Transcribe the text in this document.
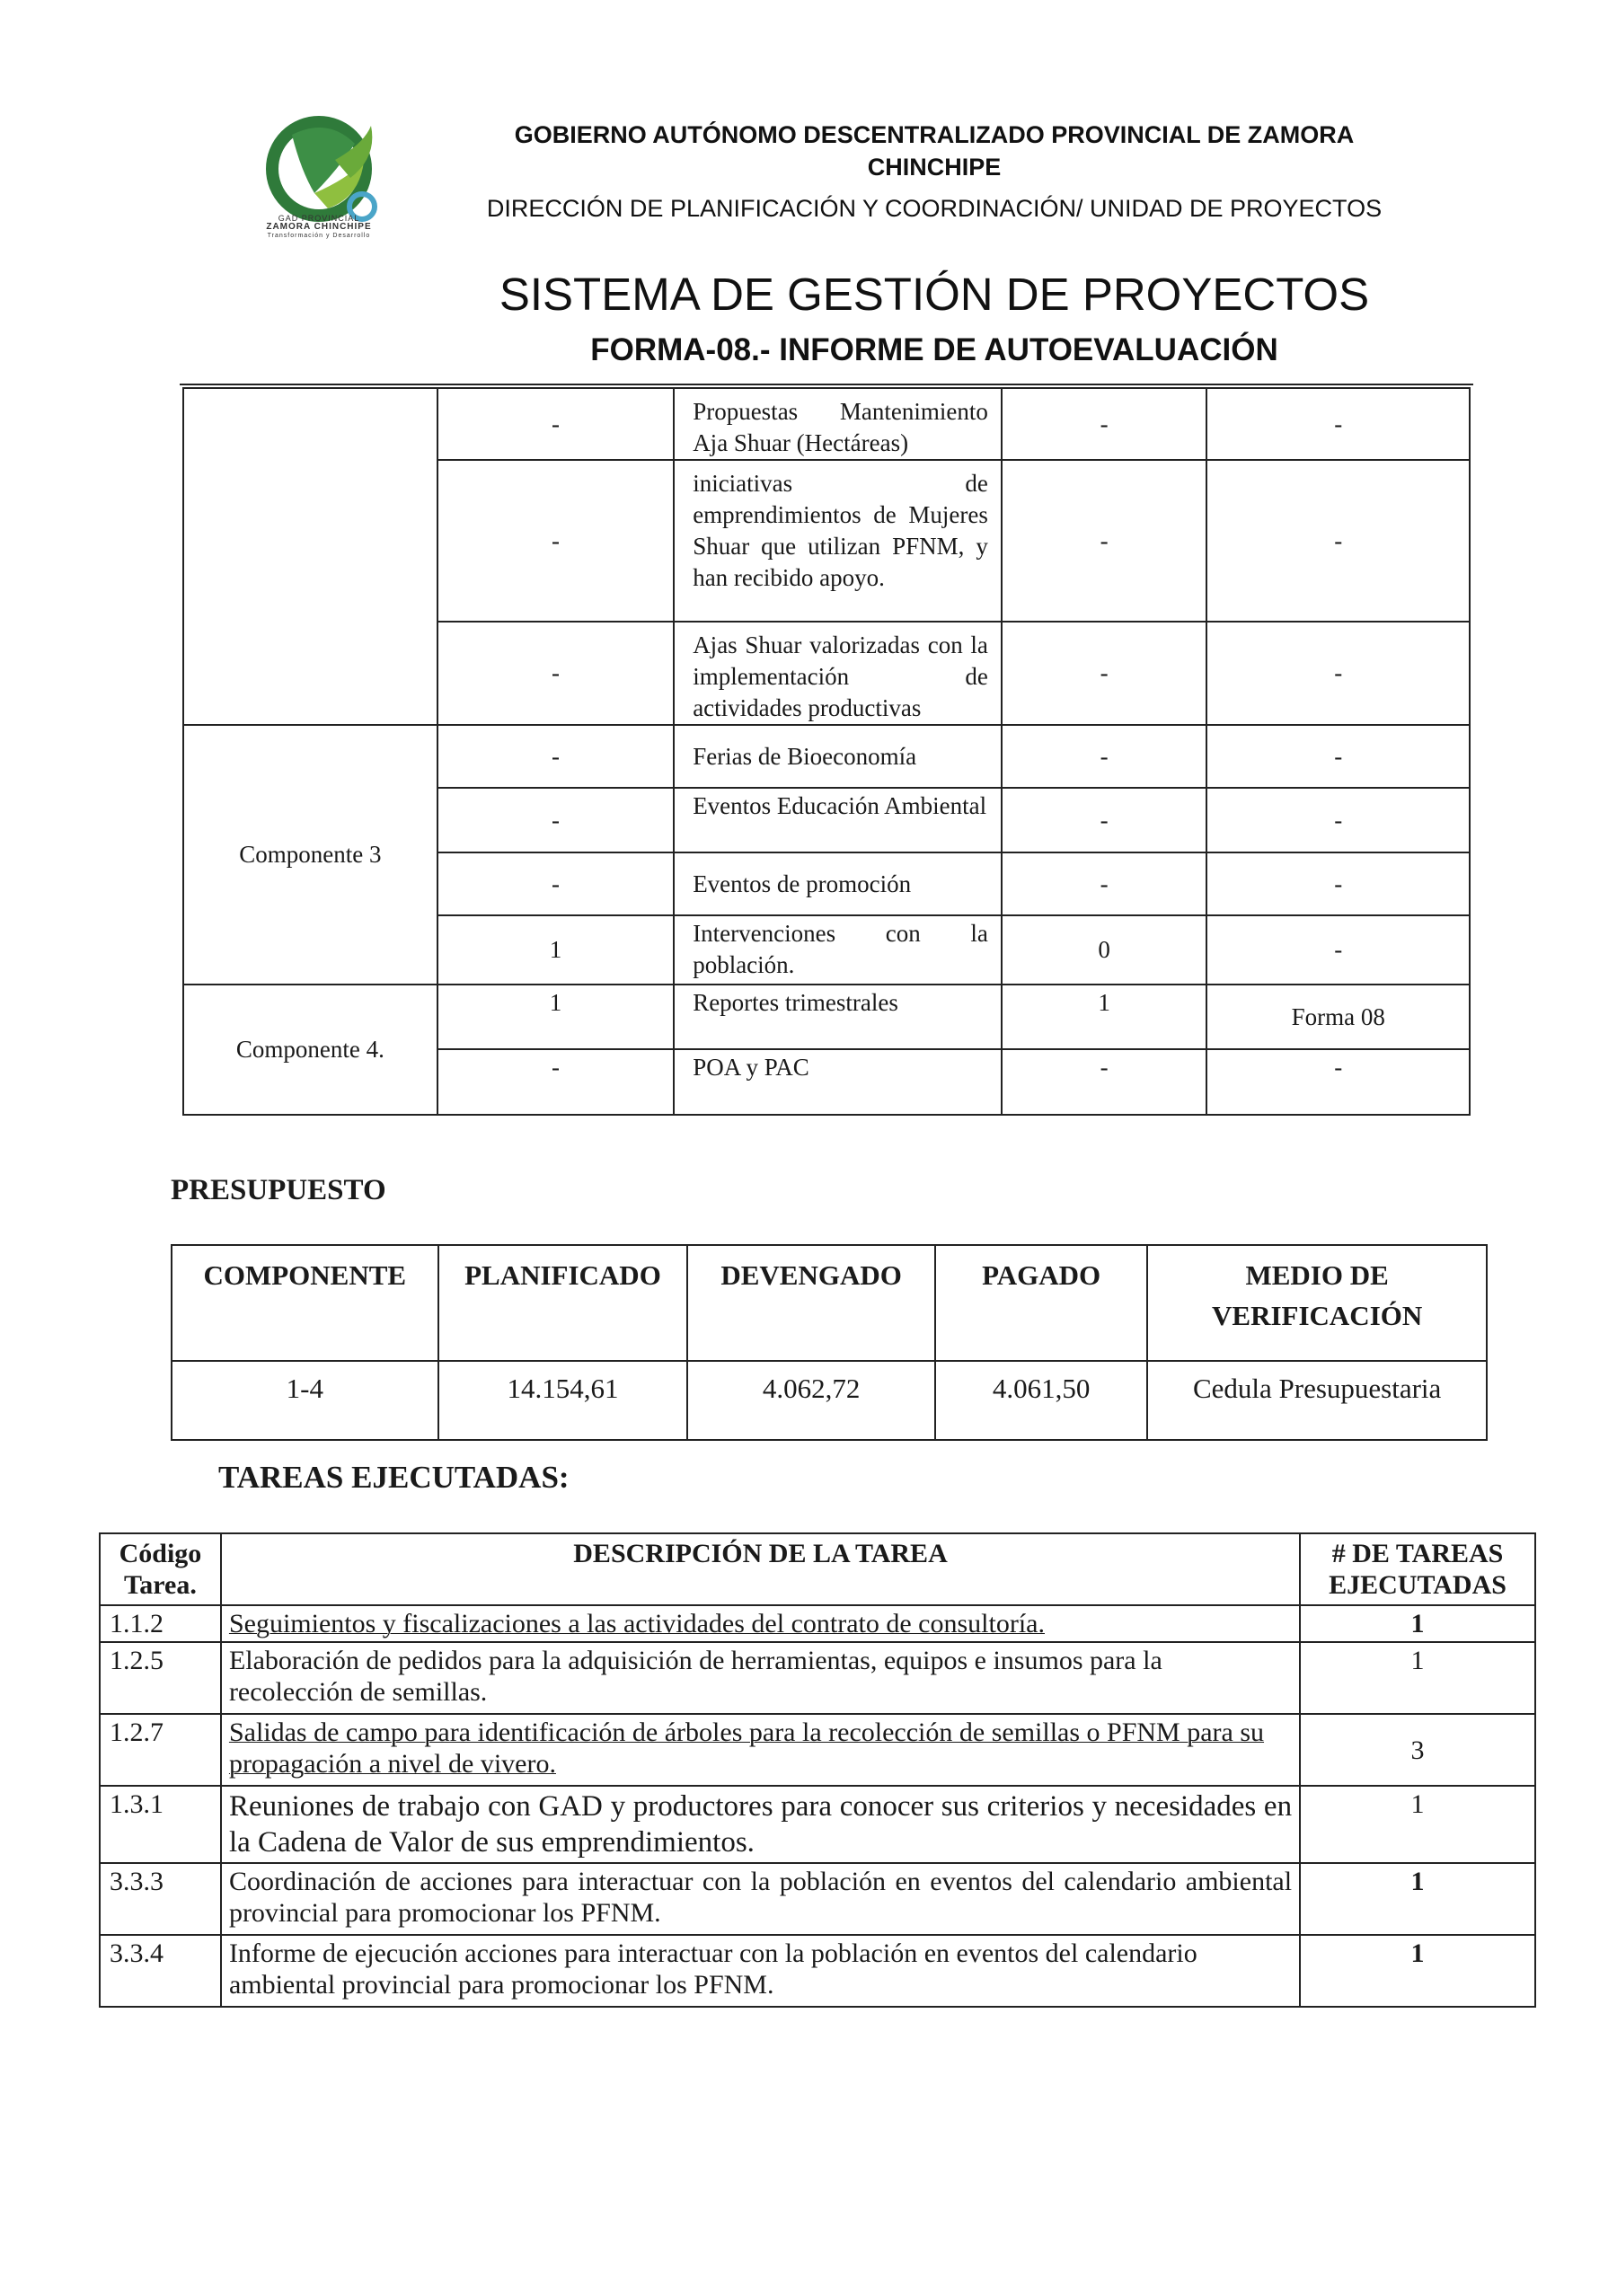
GAD PROVINCIAL
ZAMORA CHINCHIPE
Transformación y Desarrollo
GOBIERNO AUTÓNOMO DESCENTRALIZADO PROVINCIAL DE ZAMORA CHINCHIPE
DIRECCIÓN DE PLANIFICACIÓN Y COORDINACIÓN/ UNIDAD DE PROYECTOS
SISTEMA DE GESTIÓN DE PROYECTOS
FORMA-08.- INFORME DE AUTOEVALUACIÓN
	-	Propuestas Mantenimiento Aja Shuar (Hectáreas)	-	-
	-	iniciativas de emprendimientos de Mujeres Shuar que utilizan PFNM, y han recibido apoyo.	-	-
	-	Ajas Shuar valorizadas con la implementación de actividades productivas	-	-
Componente 3	-	Ferias de Bioeconomía	-	-
	-	Eventos Educación Ambiental	-	-
	-	Eventos de promoción	-	-
	1	Intervenciones con la población.	0	-
Componente 4.	1	Reportes trimestrales	1	Forma 08
	-	POA y PAC	-	-
PRESUPUESTO
COMPONENTE	PLANIFICADO	DEVENGADO	PAGADO	MEDIO DE VERIFICACIÓN
1-4	14.154,61	4.062,72	4.061,50	Cedula Presupuestaria
TAREAS EJECUTADAS:
Código Tarea.	DESCRIPCIÓN DE LA TAREA	# DE TAREAS EJECUTADAS
1.1.2	Seguimientos y fiscalizaciones a las actividades del contrato de consultoría.	1
1.2.5	Elaboración de pedidos para la adquisición de herramientas, equipos e insumos para la recolección de semillas.	1
1.2.7	Salidas de campo para identificación de árboles para la recolección de semillas o PFNM para su propagación a nivel de vivero.	3
1.3.1	Reuniones de trabajo con GAD y productores para conocer sus criterios y necesidades en la Cadena de Valor de sus emprendimientos.	1
3.3.3	Coordinación de acciones para interactuar con la población en eventos del calendario ambiental provincial para promocionar los PFNM.	1
3.3.4	Informe de ejecución acciones para interactuar con la población en eventos del calendario ambiental provincial para promocionar los PFNM.	1
